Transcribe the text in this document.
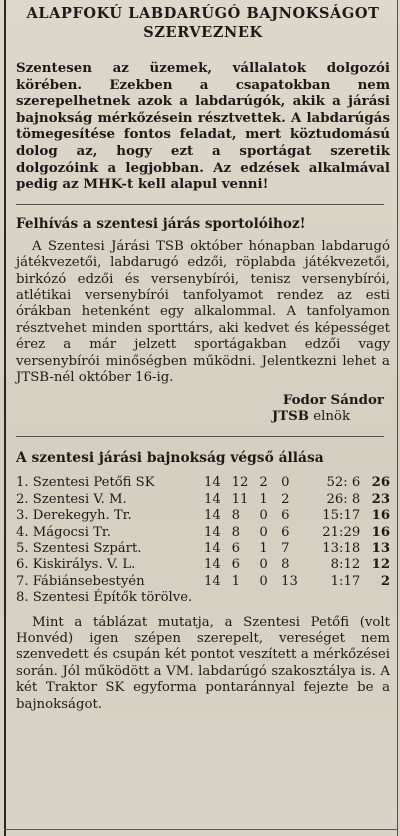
ALAPFOKÚ LABDARÚGÓ BAJNOKSÁGOT
SZERVEZNEK

Szentesen az üzemek, vállalatok dolgozói körében. Ezekben a csapatokban nem szerepelhetnek azok a labdarúgók, akik a járási bajnokság mérkőzésein résztvettek. A labdarúgás tömegesítése fontos feladat, mert köztudomású dolog az, hogy ezt a sportágat szeretik dolgozóink a legjobban. Az edzések alkalmával pedig az MHK-t kell alapul venni!

Felhívás a szentesi járás sportolóihoz!

A Szentesi Járási TSB október hónapban labdarugó játékvezetői, labdarugó edzői, röplabda játékvezetői, birkózó edzői és versenybírói, tenisz versenybírói, atlétikai versenybírói tanfolyamot rendez az esti órákban hetenként egy alkalommal. A tanfolyamon résztvehet minden sporttárs, aki kedvet és képességet érez a már jelzett sportágakban edzői vagy versenybírói minőségben működni. Jelentkezni lehet a JTSB-nél október 16-ig.

Fodor Sándor

JTSB elnök

A szentesi járási bajnokság végső állása

1. Szentesi Petőfi SK	14 12 2	0	52: 6 26
2. Szentesi V. M.	14 11 1	2	26: 8 23
3. Derekegyh. Tr.	14 8	0	6	15:17 16
4. Mágocsi Tr.	14 8	0	6	21:29 16
5. Szentesi Szpárt.	14 6	1	7	13:18 13
6. Kiskirálys. V. L.	14 6	0	8	8:12 12
7. Fábiánsebestyén	14 1	0	13	1:17	2
8. Szentesi Építők törölve.

Mint a táblázat mutatja, a Szentesi Petőfi (volt Honvéd) igen szépen szerepelt, vereséget nem szenvedett és csupán két pontot veszített a mérkőzései során. Jól működött a VM. labdarúgó szakosztálya is. A két Traktor SK egyforma pontaránnyal fejezte be a bajnokságot.
